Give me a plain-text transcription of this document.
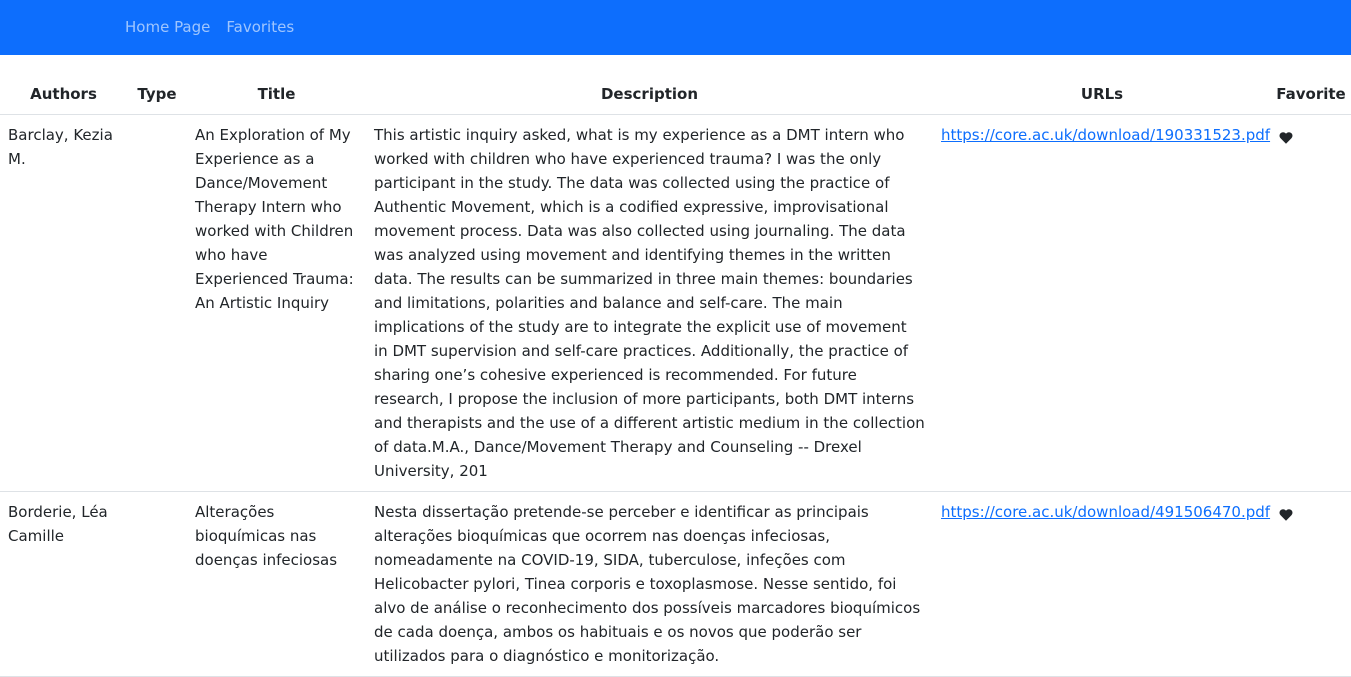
Home Page	Favorites
Authors	Type	Title	Description	URLs	Favorite
Barclay, Kezia M.		An Exploration of My Experience as a Dance/Movement Therapy Intern who worked with Children who have Experienced Trauma: An Artistic Inquiry	This artistic inquiry asked, what is my experience as a DMT intern who worked with children who have experienced trauma? I was the only participant in the study. The data was collected using the practice of Authentic Movement, which is a codified expressive, improvisational movement process. Data was also collected using journaling. The data was analyzed using movement and identifying themes in the written data. The results can be summarized in three main themes: boundaries and limitations, polarities and balance and self-care. The main implications of the study are to integrate the explicit use of movement in DMT supervision and self-care practices. Additionally, the practice of sharing one’s cohesive experienced is recommended. For future research, I propose the inclusion of more participants, both DMT interns and therapists and the use of a different artistic medium in the collection of data.M.A., Dance/Movement Therapy and Counseling -- Drexel University, 201	https://core.ac.uk/download/190331523.pdf	
Borderie, Léa Camille		Alterações bioquímicas nas doenças infeciosas	Nesta dissertação pretende-se perceber e identificar as principais alterações bioquímicas que ocorrem nas doenças infeciosas, nomeadamente na COVID-19, SIDA, tuberculose, infeções com Helicobacter pylori, Tinea corporis e toxoplasmose. Nesse sentido, foi alvo de análise o reconhecimento dos possíveis marcadores bioquímicos de cada doença, ambos os habituais e os novos que poderão ser utilizados para o diagnóstico e monitorização.	https://core.ac.uk/download/491506470.pdf	
